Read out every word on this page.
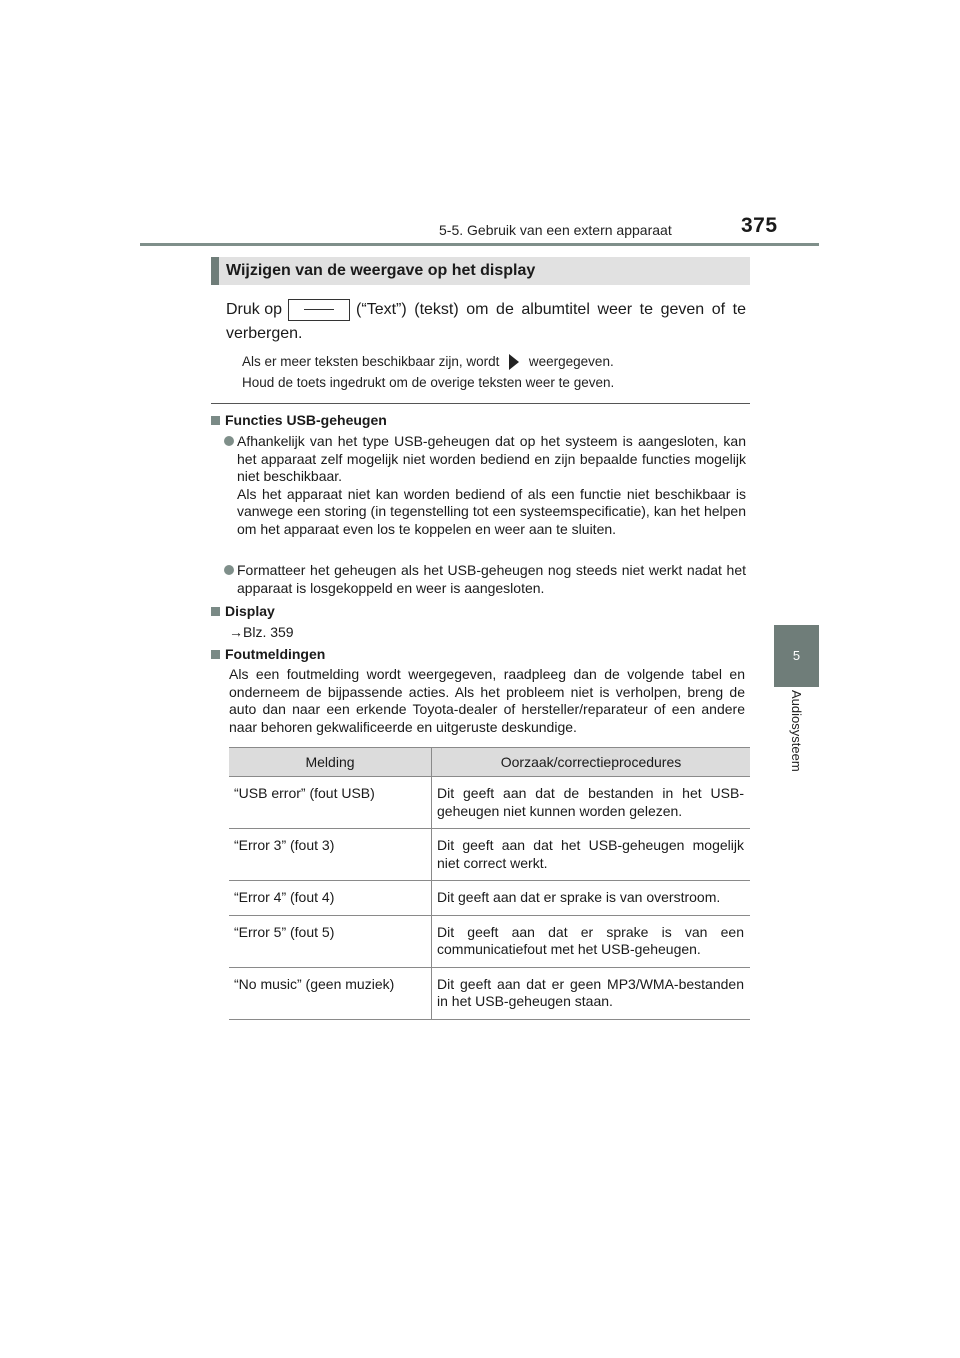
5-5. Gebruik van een extern apparaat	375
5
Audiosysteem
Wijzigen van de weergave op het display
Druk op	(“Text”) (tekst) om de albumtitel weer te geven of te
verbergen.
Als er meer teksten beschikbaar zijn, wordt weergegeven.
Houd de toets ingedrukt om de overige teksten weer te geven.
Functies USB-geheugen

Afhankelijk van het type USB-geheugen dat op het systeem is aangesloten, kan het apparaat zelf mogelijk niet worden bediend en zijn bepaalde functies mogelijk niet beschikbaar.

Als het apparaat niet kan worden bediend of als een functie niet beschikbaar is vanwege een storing (in tegenstelling tot een systeemspecificatie), kan het helpen om het apparaat even los te koppelen en weer aan te sluiten.

Formatteer het geheugen als het USB-geheugen nog steeds niet werkt nadat het apparaat is losgekoppeld en weer is aangesloten.

Display
→Blz. 359
Foutmeldingen
Als een foutmelding wordt weergegeven, raadpleeg dan de volgende tabel en onderneem de bijpassende acties. Als het probleem niet is verholpen, breng de auto dan naar een erkende Toyota-dealer of hersteller/reparateur of een andere naar behoren gekwalificeerde en uitgeruste deskundige.
Melding	Oorzaak/correctieprocedures
“USB error” (fout USB)	Dit geeft aan dat de bestanden in het USB-geheugen niet kunnen worden gelezen.
“Error 3” (fout 3)	Dit geeft aan dat het USB-geheugen mogelijk niet correct werkt.
“Error 4” (fout 4)	Dit geeft aan dat er sprake is van overstroom.
“Error 5” (fout 5)	Dit geeft aan dat er sprake is van een communicatiefout met het USB-geheugen.
“No music” (geen muziek)	Dit geeft aan dat er geen MP3/WMA-bestanden in het USB-geheugen staan.
